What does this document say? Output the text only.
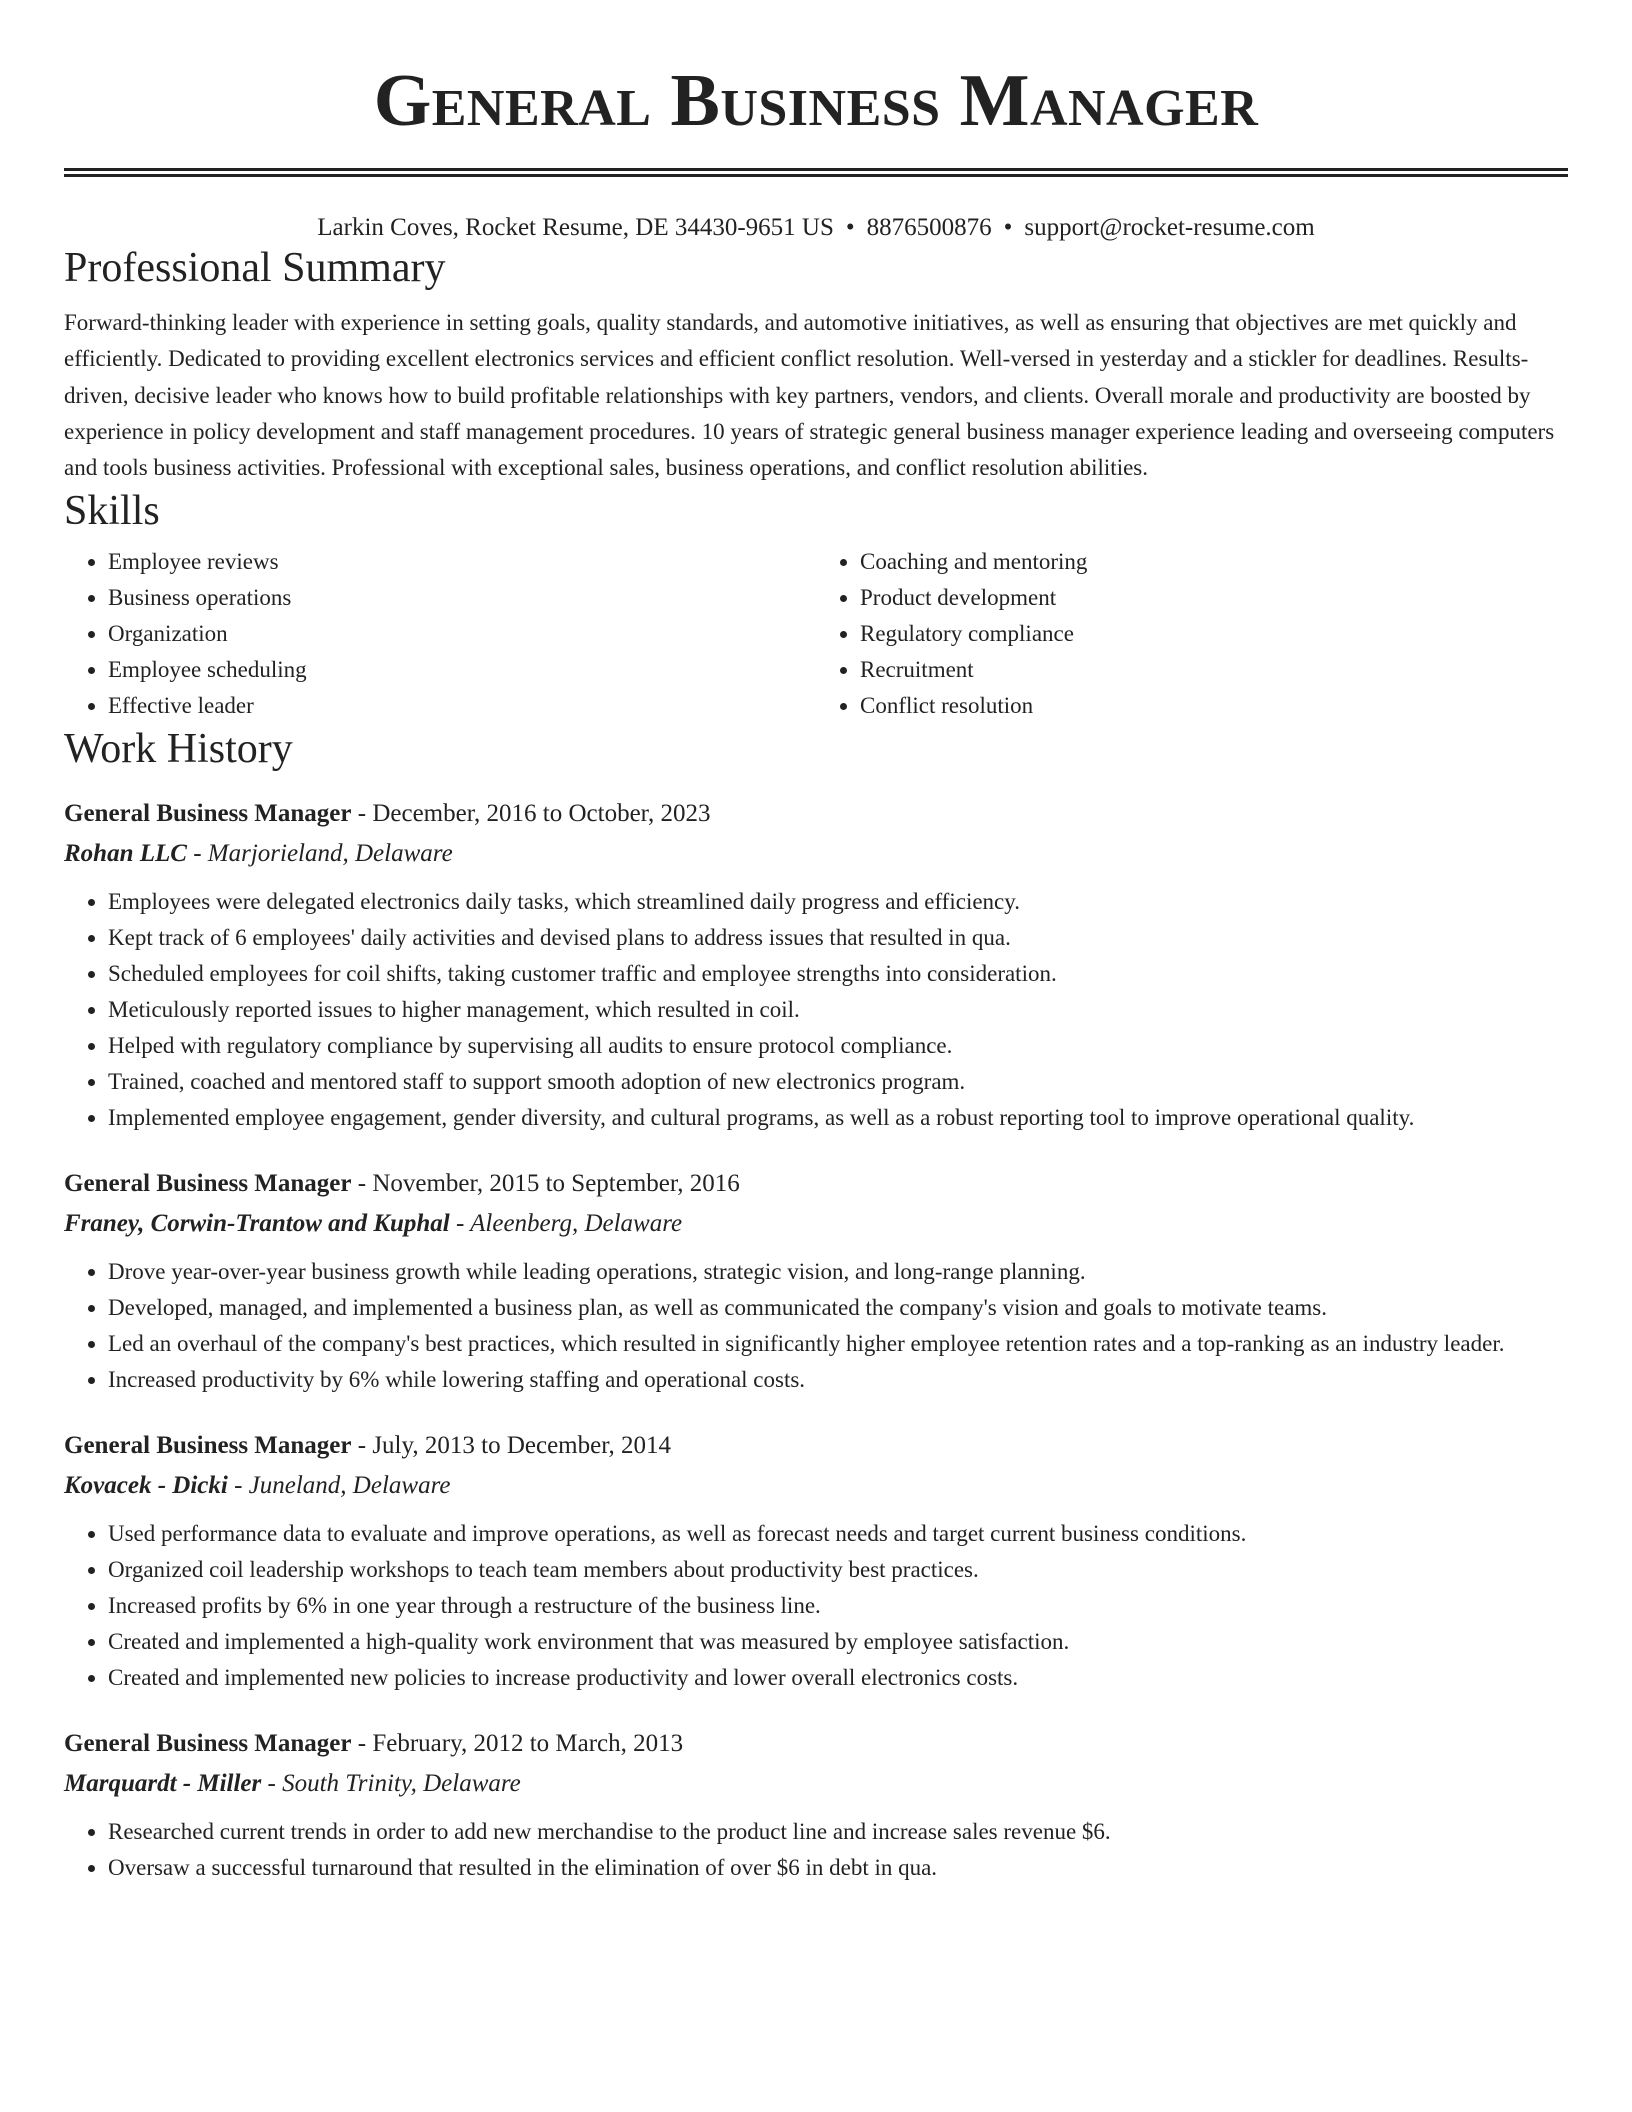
General Business Manager
Larkin Coves, Rocket Resume, DE 34430-9651 US • 8876500876 • support@rocket-resume.com
Professional Summary

Forward-thinking leader with experience in setting goals, quality standards, and automotive initiatives, as well as ensuring that objectives are met quickly and efficiently. Dedicated to providing excellent electronics services and efficient conflict resolution. Well-versed in yesterday and a stickler for deadlines. Results-driven, decisive leader who knows how to build profitable relationships with key partners, vendors, and clients. Overall morale and productivity are boosted by experience in policy development and staff management procedures. 10 years of strategic general business manager experience leading and overseeing computers and tools business activities. Professional with exceptional sales, business operations, and conflict resolution abilities.

Skills
• Employee reviews
• Business operations
• Organization
• Employee scheduling
• Effective leader
• Coaching and mentoring
• Product development
• Regulatory compliance
• Recruitment
• Conflict resolution
Work History
General Business Manager - December, 2016 to October, 2023
Rohan LLC - Marjorieland, Delaware
• Employees were delegated electronics daily tasks, which streamlined daily progress and efficiency.
• Kept track of 6 employees' daily activities and devised plans to address issues that resulted in qua.
• Scheduled employees for coil shifts, taking customer traffic and employee strengths into consideration.
• Meticulously reported issues to higher management, which resulted in coil.
• Helped with regulatory compliance by supervising all audits to ensure protocol compliance.
• Trained, coached and mentored staff to support smooth adoption of new electronics program.
• Implemented employee engagement, gender diversity, and cultural programs, as well as a robust reporting tool to improve operational quality.
General Business Manager - November, 2015 to September, 2016
Franey, Corwin-Trantow and Kuphal - Aleenberg, Delaware
• Drove year-over-year business growth while leading operations, strategic vision, and long-range planning.
• Developed, managed, and implemented a business plan, as well as communicated the company's vision and goals to motivate teams.
• Led an overhaul of the company's best practices, which resulted in significantly higher employee retention rates and a top-ranking as an industry leader.
• Increased productivity by 6% while lowering staffing and operational costs.
General Business Manager - July, 2013 to December, 2014
Kovacek - Dicki - Juneland, Delaware
• Used performance data to evaluate and improve operations, as well as forecast needs and target current business conditions.
• Organized coil leadership workshops to teach team members about productivity best practices.
• Increased profits by 6% in one year through a restructure of the business line.
• Created and implemented a high-quality work environment that was measured by employee satisfaction.
• Created and implemented new policies to increase productivity and lower overall electronics costs.
General Business Manager - February, 2012 to March, 2013
Marquardt - Miller - South Trinity, Delaware
• Researched current trends in order to add new merchandise to the product line and increase sales revenue $6.
• Oversaw a successful turnaround that resulted in the elimination of over $6 in debt in qua.
